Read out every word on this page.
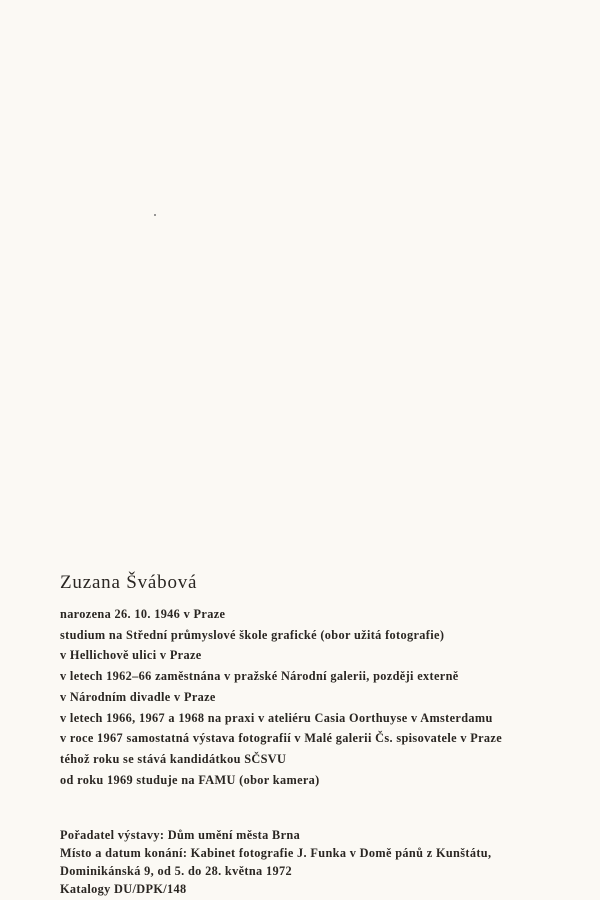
Zuzana Švábová
narozena 26. 10. 1946 v Praze
studium na Střední průmyslové škole grafické (obor užitá fotografie)
v Hellichově ulici v Praze
v letech 1962–66 zaměstnána v pražské Národní galerii, později externě
v Národním divadle v Praze
v letech 1966, 1967 a 1968 na praxi v ateliéru Casia Oorthuyse v Amsterdamu
v roce 1967 samostatná výstava fotografií v Malé galerii Čs. spisovatele v Praze
téhož roku se stává kandidátkou SČSVU
od roku 1969 studuje na FAMU (obor kamera)
Pořadatel výstavy: Dům umění města Brna
Místo a datum konání: Kabinet fotografie J. Funka v Domě pánů z Kunštátu,
Dominikánská 9, od 5. do 28. května 1972
Katalogy DU/DPK/148
